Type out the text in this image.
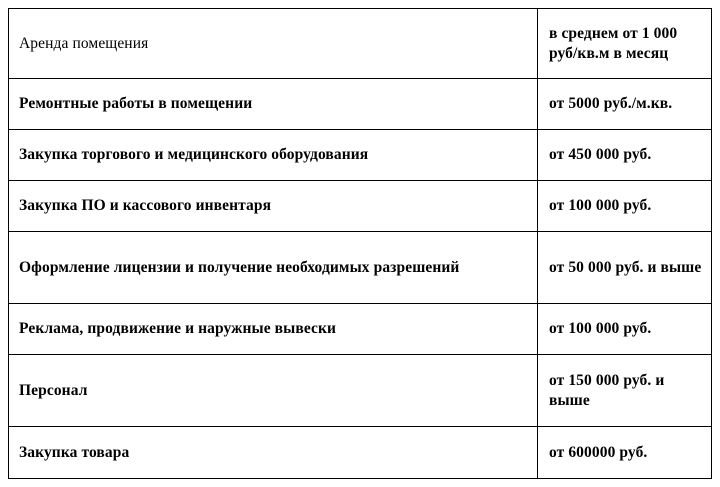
Аренда помещения	в среднем от 1 000 руб/кв.м в месяц
Ремонтные работы в помещении	от 5000 руб./м.кв.
Закупка торгового и медицинского оборудования	от 450 000 руб.
Закупка ПО и кассового инвентаря	от 100 000 руб.
Оформление лицензии и получение необходимых разрешений	от 50 000 руб. и выше
Реклама, продвижение и наружные вывески	от 100 000 руб.
Персонал	от 150 000 руб. и выше
Закупка товара	от 600000 руб.
